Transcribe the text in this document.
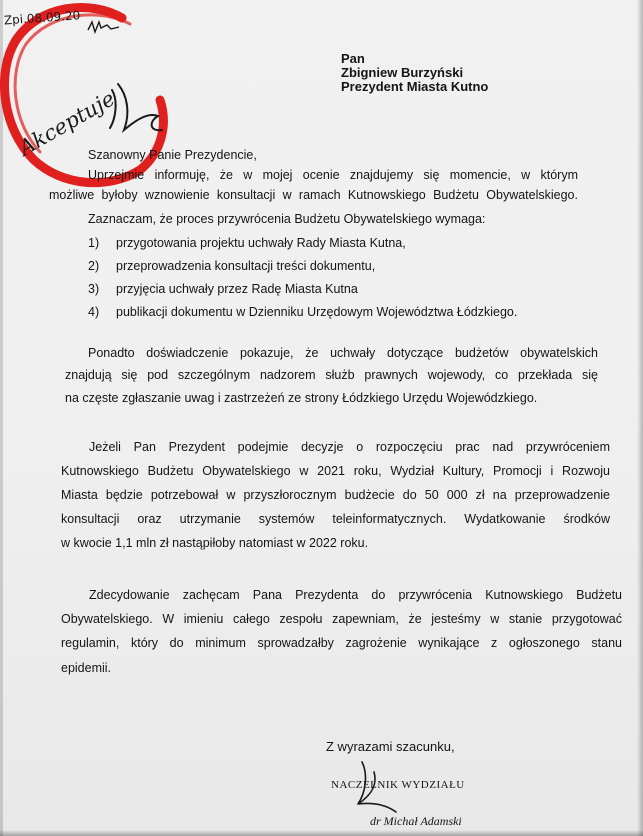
Zpi.08.09.20
Akceptuje
Pan
Zbigniew Burzyński
Prezydent Miasta Kutno
Szanowny Panie Prezydencie,
Uprzejmie informuję, że w mojej ocenie znajdujemy się momencie, w którym
możliwe byłoby wznowienie konsultacji w ramach Kutnowskiego Budżetu Obywatelskiego.
Zaznaczam, że proces przywrócenia Budżetu Obywatelskiego wymaga:
1) przygotowania projektu uchwały Rady Miasta Kutna,
2) przeprowadzenia konsultacji treści dokumentu,
3) przyjęcia uchwały przez Radę Miasta Kutna
4) publikacji dokumentu w Dzienniku Urzędowym Województwa Łódzkiego.
Ponadto doświadczenie pokazuje, że uchwały dotyczące budżetów obywatelskich
znajdują się pod szczególnym nadzorem służb prawnych wojewody, co przekłada się
na częste zgłaszanie uwag i zastrzeżeń ze strony Łódzkiego Urzędu Wojewódzkiego.
Jeżeli Pan Prezydent podejmie decyzje o rozpoczęciu prac nad przywróceniem
Kutnowskiego Budżetu Obywatelskiego w 2021 roku, Wydział Kultury, Promocji i Rozwoju
Miasta będzie potrzebował w przyszłorocznym budżecie do 50 000 zł na przeprowadzenie
konsultacji oraz utrzymanie systemów teleinformatycznych. Wydatkowanie środków
w kwocie 1,1 mln zł nastąpiłoby natomiast w 2022 roku.
Zdecydowanie zachęcam Pana Prezydenta do przywrócenia Kutnowskiego Budżetu
Obywatelskiego. W imieniu całego zespołu zapewniam, że jesteśmy w stanie przygotować
regulamin, który do minimum sprowadzałby zagrożenie wynikające z ogłoszonego stanu
epidemii.
Z wyrazami szacunku,
NACZELNIK WYDZIAŁU
dr Michał Adamski
